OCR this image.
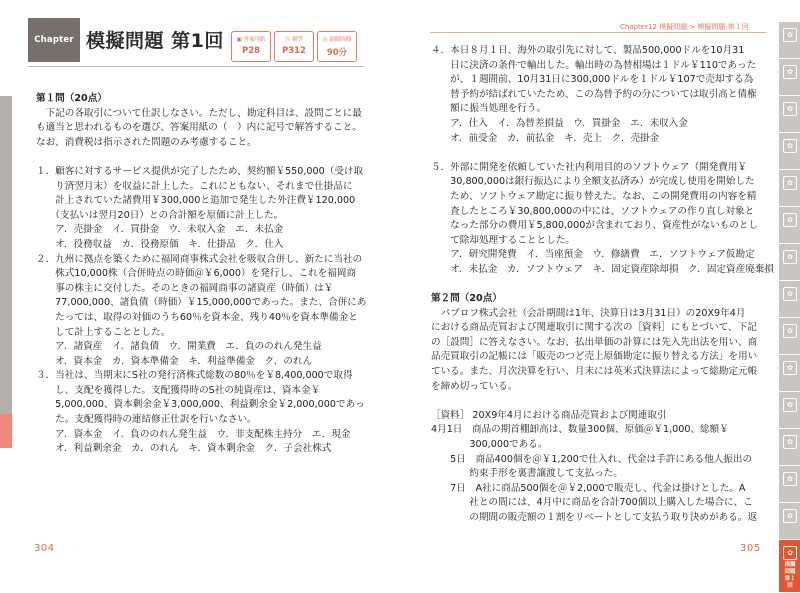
Chapter 12
模擬問題 第1回	▣ 答案用紙
P28
Ⓐ 解答
P312
◷ 制限時間
90分

第１問（20点）

　下記の各取引について仕訳しなさい。ただし、勘定科目は、設問ごとに最

も適当と思われるものを選び、答案用紙の（　）内に記号で解答すること。

なお、消費税は指示された問題のみ考慮すること。

１．顧客に対するサービス提供が完了したため、契約額￥550,000（受け取

　　り済翌月末）を収益に計上した。これにともない、それまで仕掛品に

　　計上されていた諸費用￥300,000と追加で発生した外注費￥120,000

　　（支払いは翌月20日）との合計額を原価に計上した。

　　ア．売掛金　イ．買掛金　ウ．未収入金　エ．未払金

　　オ．役務収益　カ．役務原価　キ．仕掛品　ク．仕入

２．九州に拠点を築くために福岡商事株式会社を吸収合併し、新たに当社の

　　株式10,000株（合併時点の時価＠￥6,000）を発行し、これを福岡商

　　事の株主に交付した。そのときの福岡商事の諸資産（時価）は￥

　　77,000,000、諸負債（時価）￥15,000,000であった。また、合併にあ

　　たっては、取得の対価のうち60％を資本金、残り40％を資本準備金と

　　して計上することとした。

　　ア．諸資産　イ．諸負債　ウ．開業費　エ．負ののれん発生益

　　オ．資本金　カ．資本準備金　キ．利益準備金　ク．のれん

３．当社は、当期末にS社の発行済株式総数の80％を￥8,400,000で取得

　　し、支配を獲得した。支配獲得時のS社の純資産は、資本金￥

　　5,000,000、資本剰余金￥3,000,000、利益剰余金￥2,000,000であっ

　　た。支配獲得時の連結修正仕訳を行いなさい。

　　ア．資本金　イ．負ののれん発生益　ウ．非支配株主持分　エ．現金

　　オ．利益剰余金　カ．のれん　キ．資本剰余金　ク．子会社株式

304
Chapter12 模擬問題 > 模擬問題 第１回

４．本日８月１日、海外の取引先に対して、製品500,000ドルを10月31

　　日に決済の条件で輸出した。輸出時の為替相場は１ドル￥110であった

　　が、１週間前、10月31日に300,000ドルを１ドル￥107で売却する為

　　替予約が結ばれていたため、この為替予約の分については取引高と債権

　　額に振当処理を行う。

　　ア．仕入　イ．為替差損益　ウ．買掛金　エ．未収入金

　　オ．前受金　カ．前払金　キ．売上　ク．売掛金

５．外部に開発を依頼していた社内利用目的のソフトウェア（開発費用￥

　　30,800,000は銀行振込により全額支払済み）が完成し使用を開始した

　　ため、ソフトウェア勘定に振り替えた。なお、この開発費用の内容を精

　　査したところ￥30,800,000の中には、ソフトウェアの作り直し対象と

　　なった部分の費用￥5,800,000が含まれており、資産性がないものとし

　　て除却処理することとした。

　　ア．研究開発費　イ．当座預金　ウ．修繕費　エ．ソフトウェア仮勘定

　　オ．未払金　カ．ソフトウェア　キ．固定資産除却損　ク．固定資産廃棄損

第２問（20点）

　パブロフ株式会社（会計期間は1年、決算日は3月31日）の20X9年4月

における商品売買および関連取引に関する次の［資料］にもとづいて、下記

の［設問］に答えなさい。なお、払出単価の計算には先入先出法を用い、商

品売買取引の記帳には「販売のつど売上原価勘定に振り替える方法」を用い

ている。また、月次決算を行い、月末には英米式決算法によって総勘定元帳

を締め切っている。

［資料］ 20X9年4月における商品売買および関連取引

4月1日　商品の期首棚卸高は、数量300個、原価＠￥1,000、総額￥

　　　　300,000である。

　　5日　商品400個を＠￥1,200で仕入れ、代金は手許にある他人振出の

　　　　約束手形を裏書譲渡して支払った。

　　7日　A社に商品500個を＠￥2,000で販売し、代金は掛けとした。A

　　　　社との間には、4月中に商品を合計700個以上購入した場合に、こ

　　　　の期間の販売額の１割をリベートとして支払う取り決めがある。返

305
✿
✿
✿
✿
✿
✿
✿
✿
✿
✿
✿
✿
✿
✿
✿
模擬問題 第１回
